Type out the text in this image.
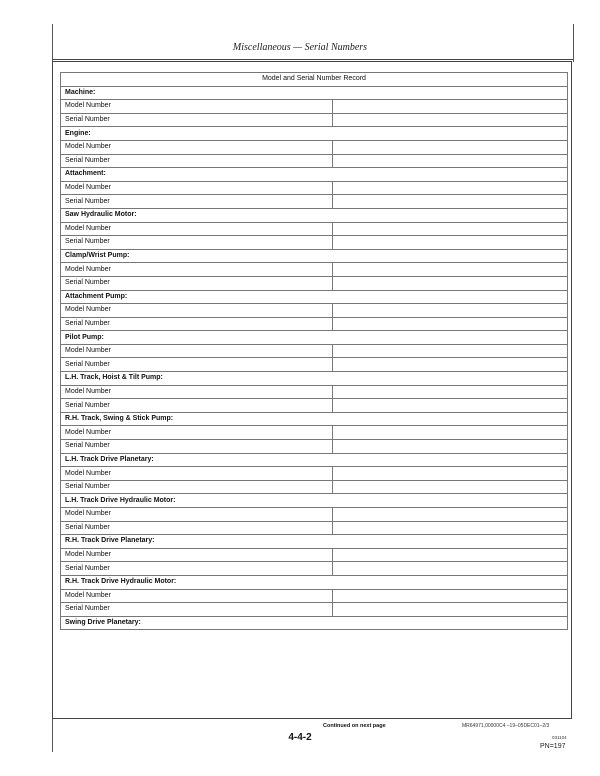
Miscellaneous — Serial Numbers
Model and Serial Number Record	
Machine:	
Model Number	
Serial Number	
Engine:	
Model Number	
Serial Number	
Attachment:	
Model Number	
Serial Number	
Saw Hydraulic Motor:	
Model Number	
Serial Number	
Clamp/Wrist Pump:	
Model Number	
Serial Number	
Attachment Pump:	
Model Number	
Serial Number	
Pilot Pump:	
Model Number	
Serial Number	
L.H. Track, Hoist & Tilt Pump:	
Model Number	
Serial Number	
R.H. Track, Swing & Stick Pump:	
Model Number	
Serial Number	
L.H. Track Drive Planetary:	
Model Number	
Serial Number	
L.H. Track Drive Hydraulic Motor:	
Model Number	
Serial Number	
R.H. Track Drive Planetary:	
Model Number	
Serial Number	
R.H. Track Drive Hydraulic Motor:	
Model Number	
Serial Number	
Swing Drive Planetary:	
Continued on next page	MR64971,00000C4 –19–05DEC01–2/3
4-4-2	031104
PN=197
